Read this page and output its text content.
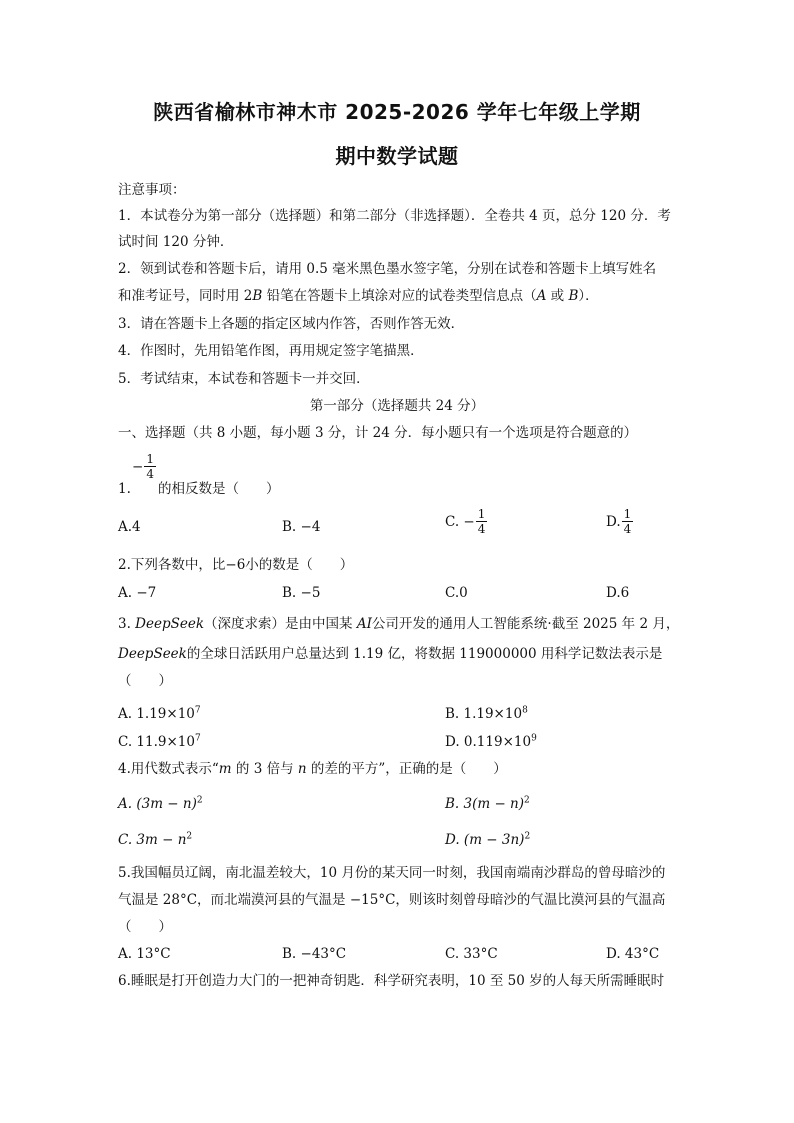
陕西省榆林市神木市 2025-2026 学年七年级上学期
期中数学试题
注意事项：
1．本试卷分为第一部分（选择题）和第二部分（非选择题）．全卷共 4 页，总分 120 分．考
试时间 120 分钟．
2．领到试卷和答题卡后，请用 0.5 毫米黑色墨水签字笔，分别在试卷和答题卡上填写姓名
和准考证号，同时用 2B 铅笔在答题卡上填涂对应的试卷类型信息点（A 或 B）．
3．请在答题卡上各题的指定区域内作答，否则作答无效．
4．作图时，先用铅笔作图，再用规定签字笔描黑．
5．考试结束，本试卷和答题卡一并交回．
第一部分（选择题共 24 分）
一、选择题（共 8 小题，每小题 3 分，计 24 分．每小题只有一个选项是符合题意的）
− $\frac{1}{4}$
1. 的相反数是（　　）
A.4	B. −4	C. − $\frac{1}{4}$	D. $\frac{1}{4}$
2.下列各数中，比−6小的数是（　　）
A. −7	B. −5	C.0	D.6
3. DeepSeek（深度求索）是由中国某 AI公司开发的通用人工智能系统·截至 2025 年 2 月，
DeepSeek的全球日活跃用户总量达到 1.19 亿，将数据 119000000 用科学记数法表示是
（　　）
A. $1.19\times 10^7$	B. $1.19\times 10^8$
C. $11.9\times 10^7$	D. $0.119\times 10^9$
4.用代数式表示“m 的 3 倍与 n 的差的平方”，正确的是（　　）
A. $(3m - n)^2$	B. $3(m - n)^2$
C. $3m - n^2$	D. $(m - 3n)^2$
5.我国幅员辽阔，南北温差较大，10 月份的某天同一时刻，我国南端南沙群岛的曾母暗沙的
气温是 28°C，而北端漠河县的气温是 −15°C，则该时刻曾母暗沙的气温比漠河县的气温高
（　　）
A. 13°C	B. −43°C	C. 33°C	D. 43°C
6.睡眠是打开创造力大门的一把神奇钥匙．科学研究表明，10 至 50 岁的人每天所需睡眠时
